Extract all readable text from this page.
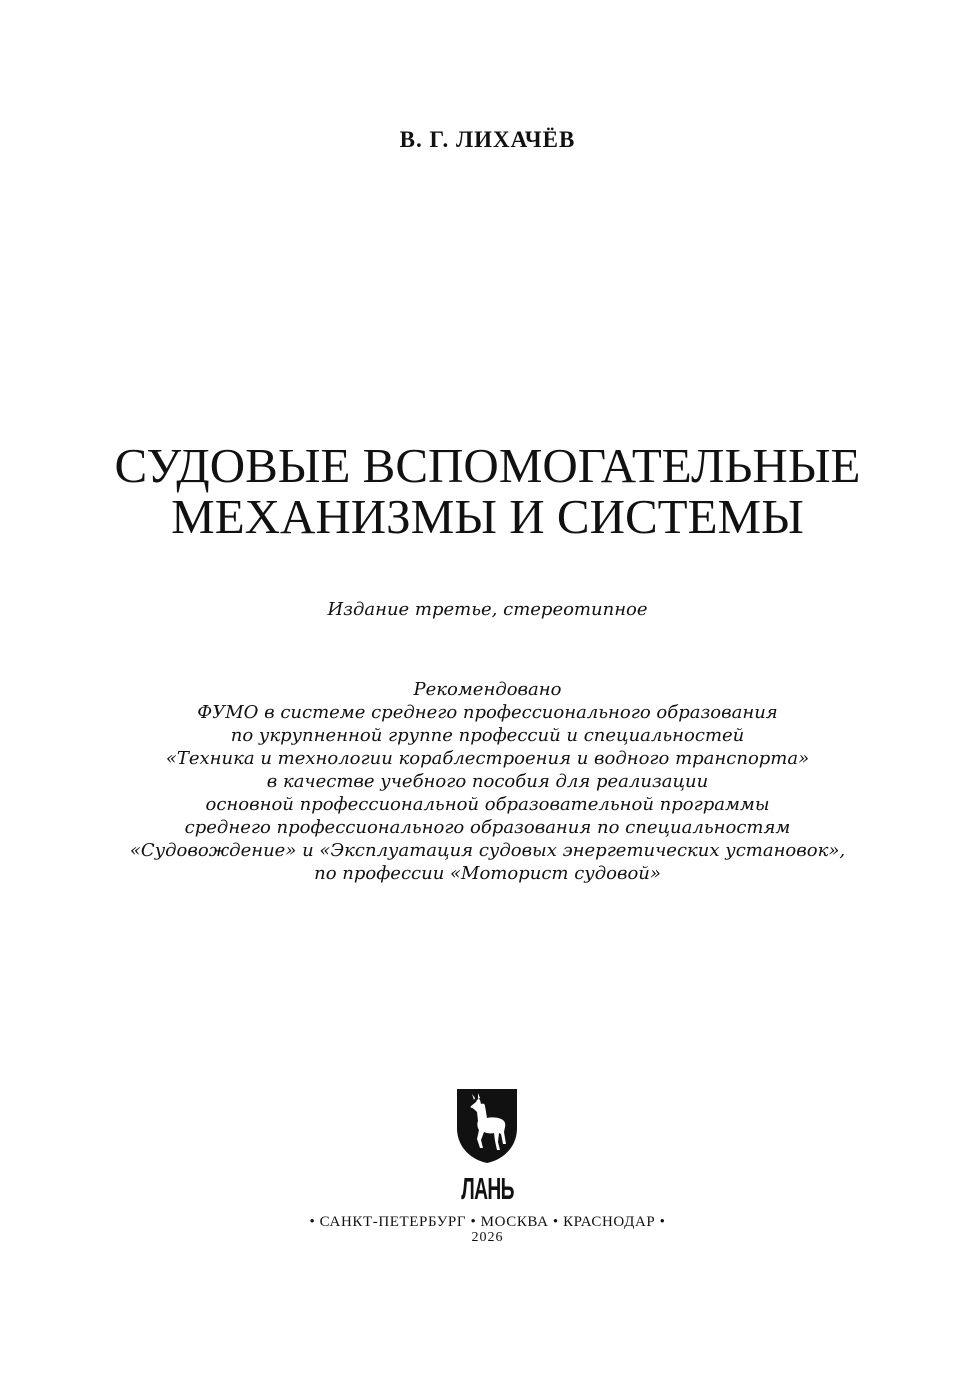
В. Г. ЛИХАЧЁВ
СУДОВЫЕ ВСПОМОГАТЕЛЬНЫЕ
МЕХАНИЗМЫ И СИСТЕМЫ
Издание третье, стереотипное
Рекомендовано
ФУМО в системе среднего профессионального образования
по укрупненной группе профессий и специальностей
«Техника и технологии кораблестроения и водного транспорта»
в качестве учебного пособия для реализации
основной профессиональной образовательной программы
среднего профессионального образования по специальностям
«Судовождение» и «Эксплуатация судовых энергетических установок»,
по профессии «Моторист судовой»
ЛАНЬ
• САНКТ-ПЕТЕРБУРГ • МОСКВА • КРАСНОДАР •
2026
